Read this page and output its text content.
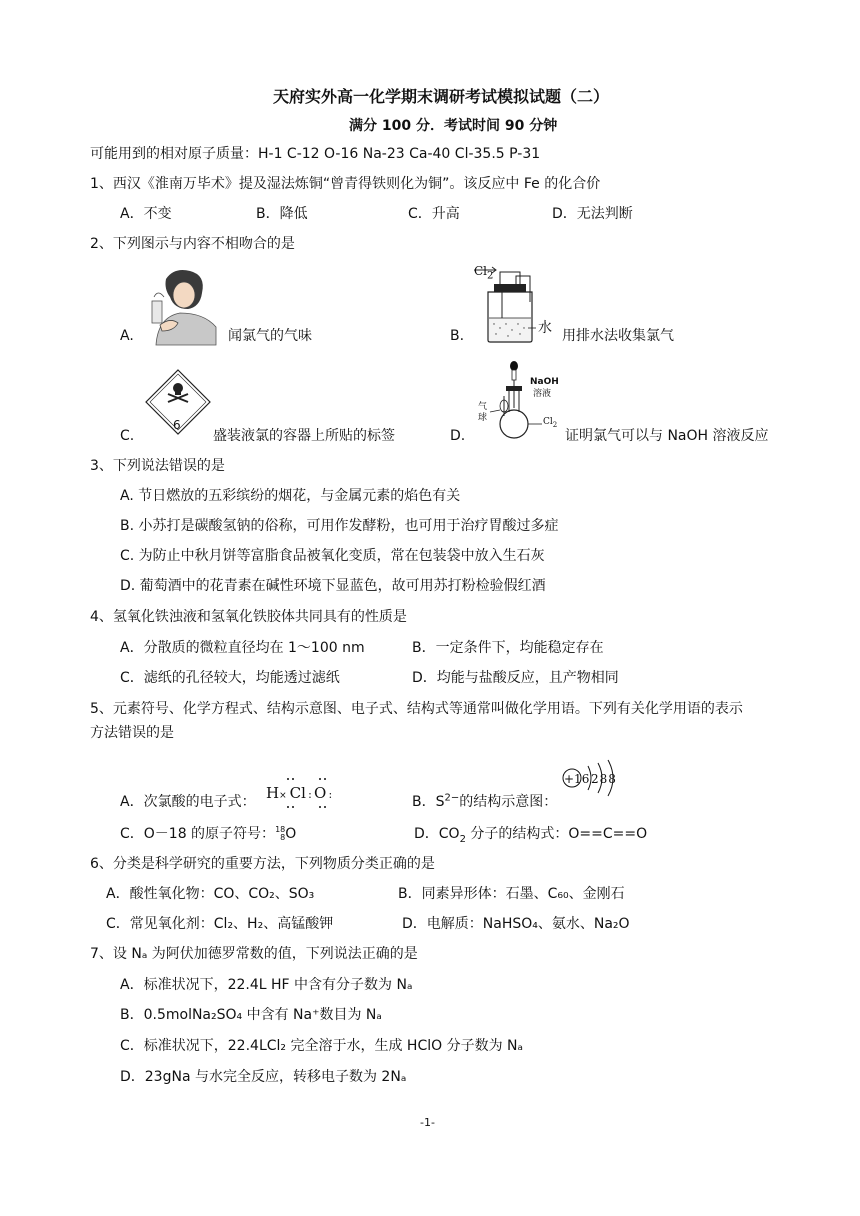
天府实外高一化学期末调研考试模拟试题（二）
满分 100 分．考试时间 90 分钟
可能用到的相对原子质量：H-1 C-12 O-16 Na-23 Ca-40 Cl-35.5 P-31
1、西汉《淮南万毕术》提及湿法炼铜“曾青得铁则化为铜”。该反应中 Fe 的化合价
A．不变	B．降低	C．升高	D．无法判断
2、下列图示与内容不相吻合的是
A.	闻氯气的气味	B.
$Cl_2$
水 用排水法收集氯气
C.
6
盛装液氯的容器上所贴的标签	D.
NaOH
溶液
气
球	$Cl_2$
证明氯气可以与 NaOH 溶液反应
3、下列说法错误的是
A. 节日燃放的五彩缤纷的烟花，与金属元素的焰色有关
B. 小苏打是碳酸氢钠的俗称，可用作发酵粉，也可用于治疗胃酸过多症
C. 为防止中秋月饼等富脂食品被氧化变质，常在包装袋中放入生石灰
D. 葡萄酒中的花青素在碱性环境下显蓝色，故可用苏打粉检验假红酒
4、氢氧化铁浊液和氢氧化铁胶体共同具有的性质是
A．分散质的微粒直径均在 1～100 nm	B．一定条件下，均能稳定存在
C．滤纸的孔径较大，均能透过滤纸	D．均能与盐酸反应，且产物相同
5、元素符号、化学方程式、结构示意图、电子式、结构式等通常叫做化学用语。下列有关化学用语的表示
方法错误的是
A．次氯酸的电子式： H×  Cl : O :	B．$S^{2-}$的结构示意图：
+16 288
C．O－18 的原子符号：18
8O	D．$CO_2$ 分子的结构式：O==C==O
6、分类是科学研究的重要方法，下列物质分类正确的是
A．酸性氧化物：CO、CO₂、SO₃	B．同素异形体：石墨、C₆₀、金刚石
C．常见氧化剂：Cl₂、H₂、高锰酸钾	D．电解质：NaHSO₄、氨水、Na₂O
7、设 Nₐ 为阿伏加德罗常数的值，下列说法正确的是
A．标准状况下，22.4L HF 中含有分子数为 Nₐ
B．0.5molNa₂SO₄ 中含有 Na⁺数目为 Nₐ
C．标准状况下，22.4LCl₂ 完全溶于水，生成 HClO 分子数为 Nₐ
D．23gNa 与水完全反应，转移电子数为 2Nₐ
-1-
